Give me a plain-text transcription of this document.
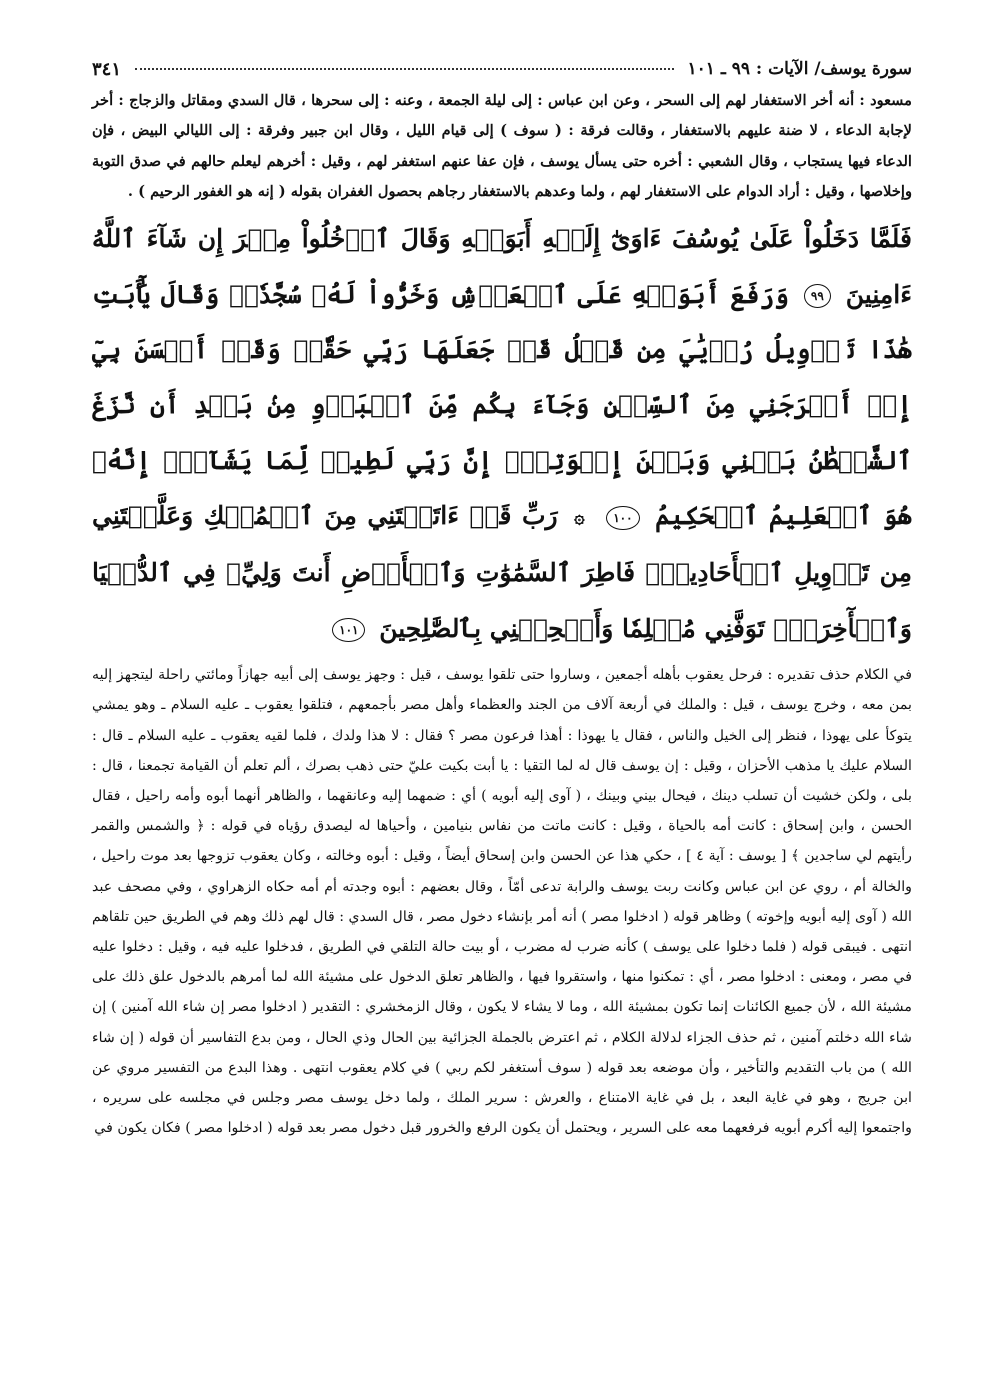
سورة يوسف/ الآيات : ٩٩ ـ ١٠١
٣٤١

مسعود : أنه أخر الاستغفار لهم إلى السحر ، وعن ابن عباس : إلى ليلة الجمعة ، وعنه : إلى سحرها ، قال السدي ومقاتل والزجاج : أخر لإجابة الدعاء ، لا ضنة عليهم بالاستغفار ، وقالت فرقة : ( سوف ) إلى قيام الليل ، وقال ابن جبير وفرقة : إلى الليالي البيض ، فإن الدعاء فيها يستجاب ، وقال الشعبي : أخره حتى يسأل يوسف ، فإن عفا عنهم استغفر لهم ، وقيل : أخرهم ليعلم حالهم في صدق التوبة وإخلاصها ، وقيل : أراد الدوام على الاستغفار لهم ، ولما وعدهم بالاستغفار رجاهم بحصول الغفران بقوله ( إنه هو الغفور الرحيم ) .

فَلَمَّا دَخَلُواْ عَلَىٰ يُوسُفَ ءَاوَىٰٓ إِلَيۡهِ أَبَوَيۡهِ وَقَالَ ٱدۡخُلُواْ مِصۡرَ إِن شَآءَ ٱللَّهُ ءَامِنِينَ ٩٩ وَرَفَعَ أَبَوَيۡهِ عَلَى ٱلۡعَرۡشِ وَخَرُّواْ لَهُۥ سُجَّدٗاۖ وَقَالَ يَٰٓأَبَتِ هَٰذَا تَأۡوِيلُ رُءۡيَٰيَ مِن قَبۡلُ قَدۡ جَعَلَهَا رَبِّي حَقّٗاۖ وَقَدۡ أَحۡسَنَ بِيٓ إِذۡ أَخۡرَجَنِي مِنَ ٱلسِّجۡنِ وَجَآءَ بِكُم مِّنَ ٱلۡبَدۡوِ مِنۢ بَعۡدِ أَن نَّزَغَ ٱلشَّيۡطَٰنُ بَيۡنِي وَبَيۡنَ إِخۡوَتِيٓۚ إِنَّ رَبِّي لَطِيفٞ لِّمَا يَشَآءُۚ إِنَّهُۥ هُوَ ٱلۡعَلِيمُ ٱلۡحَكِيمُ ١٠٠ ۞ رَبِّ قَدۡ ءَاتَيۡتَنِي مِنَ ٱلۡمُلۡكِ وَعَلَّمۡتَنِي مِن تَأۡوِيلِ ٱلۡأَحَادِيثِۚ فَاطِرَ ٱلسَّمَٰوَٰتِ وَٱلۡأَرۡضِ أَنتَ وَلِيِّۦ فِي ٱلدُّنۡيَا وَٱلۡأٓخِرَةِۖ تَوَفَّنِي مُسۡلِمٗا وَأَلۡحِقۡنِي بِٱلصَّٰلِحِينَ ١٠١

في الكلام حذف تقديره : فرحل يعقوب بأهله أجمعين ، وساروا حتى تلقوا يوسف ، قيل : وجهز يوسف إلى أبيه جهازاً ومائتي راحلة ليتجهز إليه بمن معه ، وخرج يوسف ، قيل : والملك في أربعة آلاف من الجند والعظماء وأهل مصر بأجمعهم ، فتلقوا يعقوب ـ عليه السلام ـ وهو يمشي يتوكأ على يهوذا ، فنظر إلى الخيل والناس ، فقال يا يهوذا : أهذا فرعون مصر ؟ فقال : لا هذا ولدك ، فلما لقيه يعقوب ـ عليه السلام ـ قال : السلام عليك يا مذهب الأحزان ، وقيل : إن يوسف قال له لما التقيا : يا أبت بكيت عليّ حتى ذهب بصرك ، ألم تعلم أن القيامة تجمعنا ، قال : بلى ، ولكن خشيت أن تسلب دينك ، فيحال بيني وبينك ، ( آوى إليه أبويه ) أي : ضمهما إليه وعانقهما ، والظاهر أنهما أبوه وأمه راحيل ، فقال الحسن ، وابن إسحاق : كانت أمه بالحياة ، وقيل : كانت ماتت من نفاس بنيامين ، وأحياها له ليصدق رؤياه في قوله : ﴿ والشمس والقمر رأيتهم لي ساجدين ﴾ [ يوسف : آية ٤ ] ، حكي هذا عن الحسن وابن إسحاق أيضاً ، وقيل : أبوه وخالته ، وكان يعقوب تزوجها بعد موت راحيل ، والخالة أم ، روي عن ابن عباس وكانت ربت يوسف والرابة تدعى أمّاً ، وقال بعضهم : أبوه وجدته أم أمه حكاه الزهراوي ، وفي مصحف عبد الله ( آوى إليه أبويه وإخوته ) وظاهر قوله ( ادخلوا مصر ) أنه أمر بإنشاء دخول مصر ، قال السدي : قال لهم ذلك وهم في الطريق حين تلقاهم انتهى . فيبقى قوله ( فلما دخلوا على يوسف ) كأنه ضرب له مضرب ، أو بيت حالة التلقي في الطريق ، فدخلوا عليه فيه ، وقيل : دخلوا عليه في مصر ، ومعنى : ادخلوا مصر ، أي : تمكنوا منها ، واستقروا فيها ، والظاهر تعلق الدخول على مشيئة الله لما أمرهم بالدخول علق ذلك على مشيئة الله ، لأن جميع الكائنات إنما تكون بمشيئة الله ، وما لا يشاء لا يكون ، وقال الزمخشري : التقدير ( ادخلوا مصر إن شاء الله آمنين ) إن شاء الله دخلتم آمنين ، ثم حذف الجزاء لدلالة الكلام ، ثم اعترض بالجملة الجزائية بين الحال وذي الحال ، ومن بدع التفاسير أن قوله ( إن شاء الله ) من باب التقديم والتأخير ، وأن موضعه بعد قوله ( سوف أستغفر لكم ربي ) في كلام يعقوب انتهى . وهذا البدع من التفسير مروي عن ابن جريج ، وهو في غاية البعد ، بل في غاية الامتناع ، والعرش : سرير الملك ، ولما دخل يوسف مصر وجلس في مجلسه على سريره ، واجتمعوا إليه أكرم أبويه فرفعهما معه على السرير ، ويحتمل أن يكون الرفع والخرور قبل دخول مصر بعد قوله ( ادخلوا مصر ) فكان يكون في
